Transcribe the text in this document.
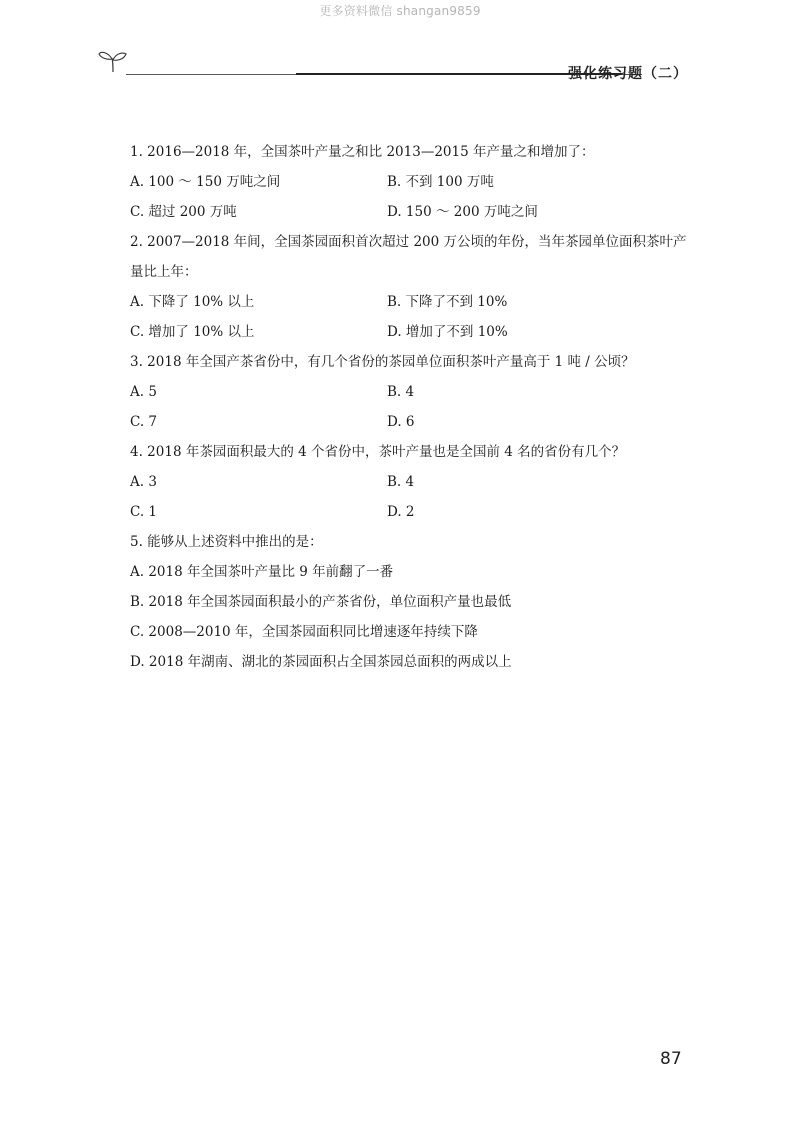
更多资料微信 shangan9859
强化练习题（二）
1. 2016—2018 年，全国茶叶产量之和比 2013—2015 年产量之和增加了：
A. 100 ～ 150 万吨之间	B. 不到 100 万吨
C. 超过 200 万吨	D. 150 ～ 200 万吨之间
2. 2007—2018 年间，全国茶园面积首次超过 200 万公顷的年份，当年茶园单位面积茶叶产量比上年：
A. 下降了 10% 以上	B. 下降了不到 10%
C. 增加了 10% 以上	D. 增加了不到 10%
3. 2018 年全国产茶省份中，有几个省份的茶园单位面积茶叶产量高于 1 吨 / 公顷？
A. 5	B. 4
C. 7	D. 6
4. 2018 年茶园面积最大的 4 个省份中，茶叶产量也是全国前 4 名的省份有几个？
A. 3	B. 4
C. 1	D. 2
5. 能够从上述资料中推出的是：
A. 2018 年全国茶叶产量比 9 年前翻了一番
B. 2018 年全国茶园面积最小的产茶省份，单位面积产量也最低
C. 2008—2010 年，全国茶园面积同比增速逐年持续下降
D. 2018 年湖南、湖北的茶园面积占全国茶园总面积的两成以上
87
